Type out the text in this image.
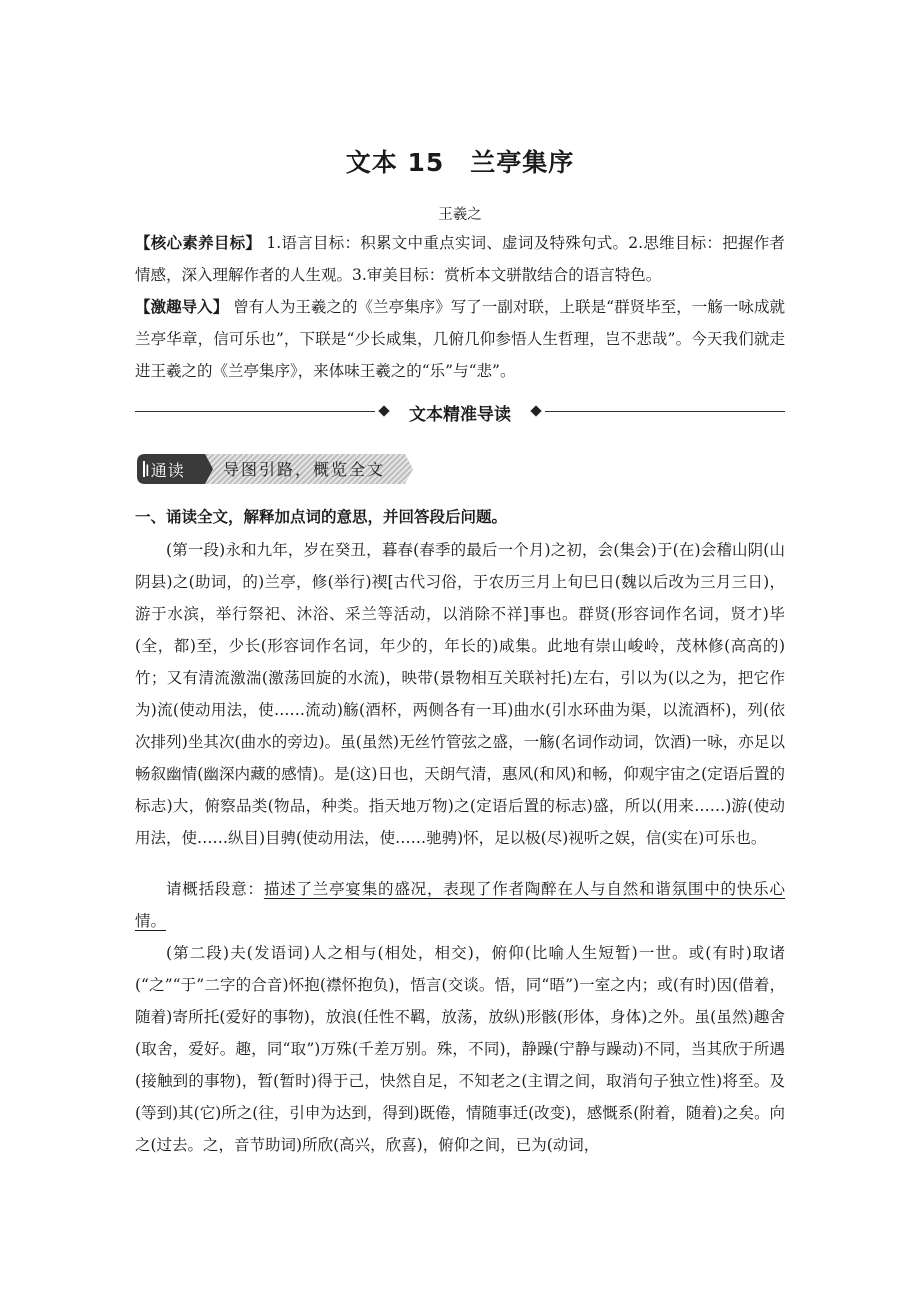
文本 15　兰亭集序
王羲之
【核心素养目标】 1.语言目标：积累文中重点实词、虚词及特殊句式。2.思维目标：把握作者情感，深入理解作者的人生观。3.审美目标：赏析本文骈散结合的语言特色。
【激趣导入】 曾有人为王羲之的《兰亭集序》写了一副对联，上联是“群贤毕至，一觞一咏成就兰亭华章，信可乐也”，下联是“少长咸集，几俯几仰参悟人生哲理，岂不悲哉”。今天我们就走进王羲之的《兰亭集序》，来体味王羲之的“乐”与“悲”。
文本精准导读
Ⅰ通读 导图引路，概览全文
一、诵读全文，解释加点词的意思，并回答段后问题。
(第一段)永和九年，岁在癸丑，暮春(春季的最后一个月)之初，会(集会)于(在)会稽山阴(山阴县)之(助词，的)兰亭，修(举行)禊[古代习俗，于农历三月上旬巳日(魏以后改为三月三日)，游于水滨，举行祭祀、沐浴、采兰等活动，以消除不祥]事也。群贤(形容词作名词，贤才)毕(全，都)至，少长(形容词作名词，年少的，年长的)咸集。此地有崇山峻岭，茂林修(高高的)竹；又有清流激湍(激荡回旋的水流)，映带(景物相互关联衬托)左右，引以为(以之为，把它作为)流(使动用法，使……流动)觞(酒杯，两侧各有一耳)曲水(引水环曲为渠，以流酒杯)，列(依次排列)坐其次(曲水的旁边)。虽(虽然)无丝竹管弦之盛，一觞(名词作动词，饮酒)一咏，亦足以畅叙幽情(幽深内藏的感情)。是(这)日也，天朗气清，惠风(和风)和畅，仰观宇宙之(定语后置的标志)大，俯察品类(物品，种类。指天地万物)之(定语后置的标志)盛，所以(用来……)游(使动用法，使……纵目)目骋(使动用法，使……驰骋)怀，足以极(尽)视听之娱，信(实在)可乐也。
请概括段意：描述了兰亭宴集的盛况，表现了作者陶醉在人与自然和谐氛围中的快乐心情。
(第二段)夫(发语词)人之相与(相处，相交)，俯仰(比喻人生短暂)一世。或(有时)取诸(“之”“于”二字的合音)怀抱(襟怀抱负)，悟言(交谈。悟，同“晤”)一室之内；或(有时)因(借着，随着)寄所托(爱好的事物)，放浪(任性不羁，放荡，放纵)形骸(形体，身体)之外。虽(虽然)趣舍(取舍，爱好。趣，同“取”)万殊(千差万别。殊，不同)，静躁(宁静与躁动)不同，当其欣于所遇(接触到的事物)，暂(暂时)得于己，快然自足，不知老之(主谓之间，取消句子独立性)将至。及(等到)其(它)所之(往，引申为达到，得到)既倦，情随事迁(改变)，感慨系(附着，随着)之矣。向之(过去。之，音节助词)所欣(高兴，欣喜)，俯仰之间，已为(动词，
